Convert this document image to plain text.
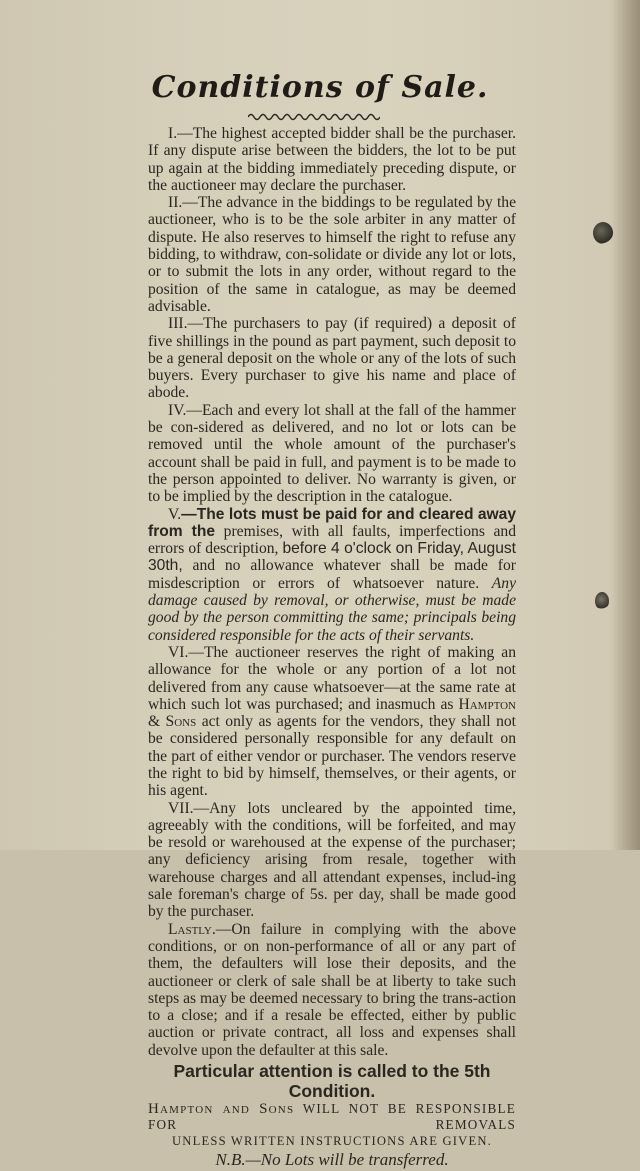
Conditions of Sale.

I.—The highest accepted bidder shall be the purchaser. If any dispute arise between the bidders, the lot to be put up again at the bidding immediately preceding dispute, or the auctioneer may declare the purchaser.

II.—The advance in the biddings to be regulated by the auctioneer, who is to be the sole arbiter in any matter of dispute. He also reserves to himself the right to refuse any bidding, to withdraw, con-solidate or divide any lot or lots, or to submit the lots in any order, without regard to the position of the same in catalogue, as may be deemed advisable.

III.—The purchasers to pay (if required) a deposit of five shillings in the pound as part payment, such deposit to be a general deposit on the whole or any of the lots of such buyers. Every purchaser to give his name and place of abode.

IV.—Each and every lot shall at the fall of the hammer be con-sidered as delivered, and no lot or lots can be removed until the whole amount of the purchaser's account shall be paid in full, and payment is to be made to the person appointed to deliver. No warranty is given, or to be implied by the description in the catalogue.

V.—The lots must be paid for and cleared away from the premises, with all faults, imperfections and errors of description, before 4 o'clock on Friday, August 30th, and no allowance whatever shall be made for misdescription or errors of whatsoever nature. Any damage caused by removal, or otherwise, must be made good by the person committing the same; principals being considered responsible for the acts of their servants.

VI.—The auctioneer reserves the right of making an allowance for the whole or any portion of a lot not delivered from any cause whatsoever—at the same rate at which such lot was purchased; and inasmuch as Hampton & Sons act only as agents for the vendors, they shall not be considered personally responsible for any default on the part of either vendor or purchaser. The vendors reserve the right to bid by himself, themselves, or their agents, or his agent.

VII.—Any lots uncleared by the appointed time, agreeably with the conditions, will be forfeited, and may be resold or warehoused at the expense of the purchaser; any deficiency arising from resale, together with warehouse charges and all attendant expenses, includ-ing sale foreman's charge of 5s. per day, shall be made good by the purchaser.

Lastly.—On failure in complying with the above conditions, or on non-performance of all or any part of them, the defaulters will lose their deposits, and the auctioneer or clerk of sale shall be at liberty to take such steps as may be deemed necessary to bring the trans-action to a close; and if a resale be effected, either by public auction or private contract, all loss and expenses shall devolve upon the defaulter at this sale.

Particular attention is called to the 5th Condition.
Hampton and Sons WILL NOT BE RESPONSIBLE FOR REMOVALS
UNLESS WRITTEN INSTRUCTIONS ARE GIVEN.
N.B.—No Lots will be transferred.
